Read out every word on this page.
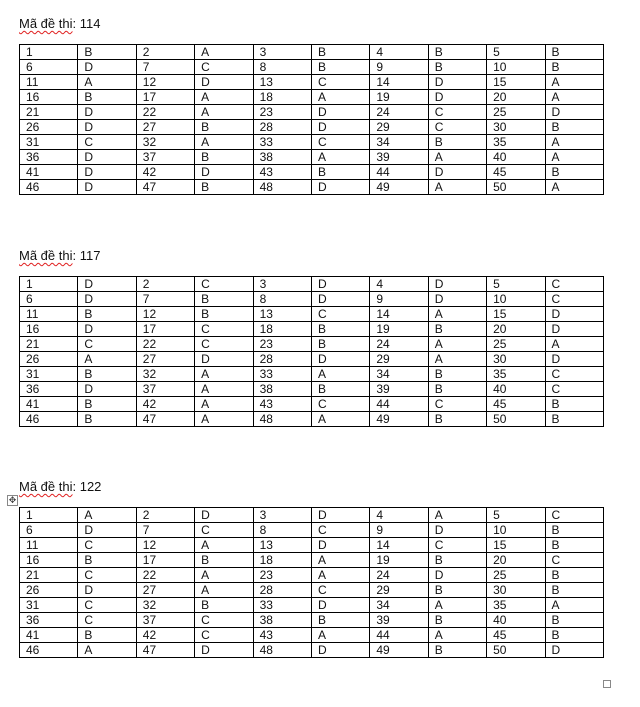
Mã đề thi: 114
1	B	2	A	3	B	4	B	5	B
6	D	7	C	8	B	9	B	10	B
11	A	12	D	13	C	14	D	15	A
16	B	17	A	18	A	19	D	20	A
21	D	22	A	23	D	24	C	25	D
26	D	27	B	28	D	29	C	30	B
31	C	32	A	33	C	34	B	35	A
36	D	37	B	38	A	39	A	40	A
41	D	42	D	43	B	44	D	45	B
46	D	47	B	48	D	49	A	50	A
Mã đề thi: 117
1	D	2	C	3	D	4	D	5	C
6	D	7	B	8	D	9	D	10	C
11	B	12	B	13	C	14	A	15	D
16	D	17	C	18	B	19	B	20	D
21	C	22	C	23	B	24	A	25	A
26	A	27	D	28	D	29	A	30	D
31	B	32	A	33	A	34	B	35	C
36	D	37	A	38	B	39	B	40	C
41	B	42	A	43	C	44	C	45	B
46	B	47	A	48	A	49	B	50	B
Mã đề thi: 122
1	A	2	D	3	D	4	A	5	C
6	D	7	C	8	C	9	D	10	B
11	C	12	A	13	D	14	C	15	B
16	B	17	B	18	A	19	B	20	C
21	C	22	A	23	A	24	D	25	B
26	D	27	A	28	C	29	B	30	B
31	C	32	B	33	D	34	A	35	A
36	C	37	C	38	B	39	B	40	B
41	B	42	C	43	A	44	A	45	B
46	A	47	D	48	D	49	B	50	D
✥
